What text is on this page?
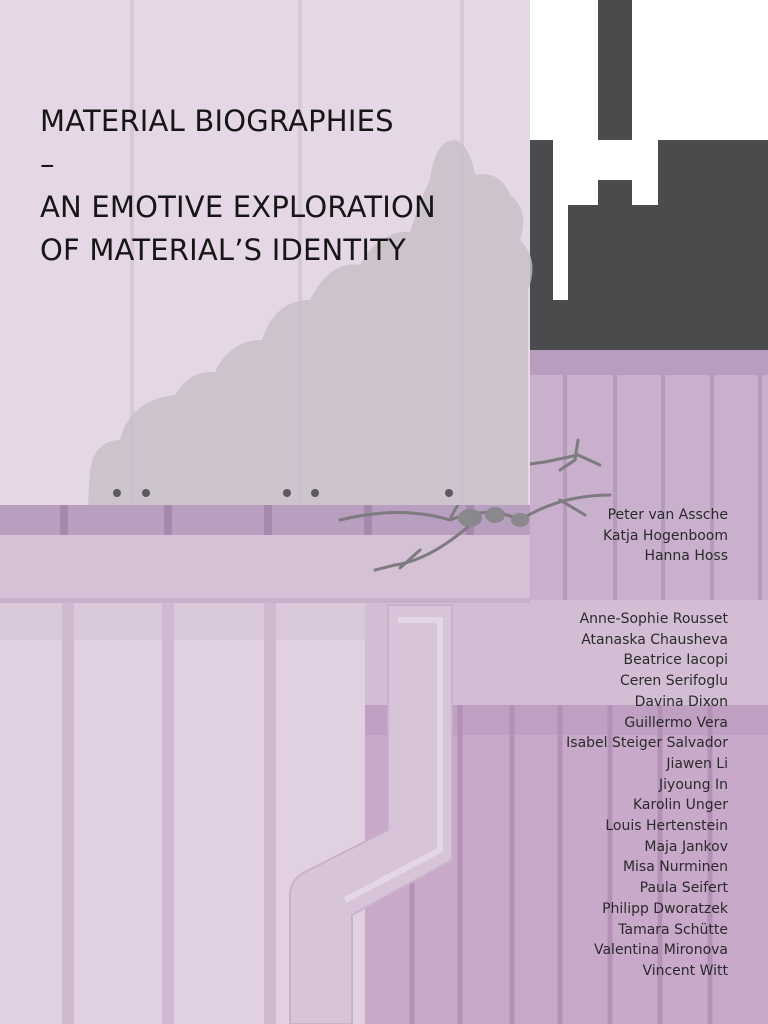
MATERIAL BIOGRAPHIES
–
AN EMOTIVE EXPLORATION
OF MATERIAL’S IDENTITY
Peter van Assche
Katja Hogenboom
Hanna Hoss
Anne-Sophie Rousset
Atanaska Chausheva
Beatrice Iacopi
Ceren Serifoglu
Davina Dixon
Guillermo Vera
Isabel Steiger Salvador
Jiawen Li
Jiyoung In
Karolin Unger
Louis Hertenstein
Maja Jankov
Misa Nurminen
Paula Seifert
Philipp Dworatzek
Tamara Schütte
Valentina Mironova
Vincent Witt
